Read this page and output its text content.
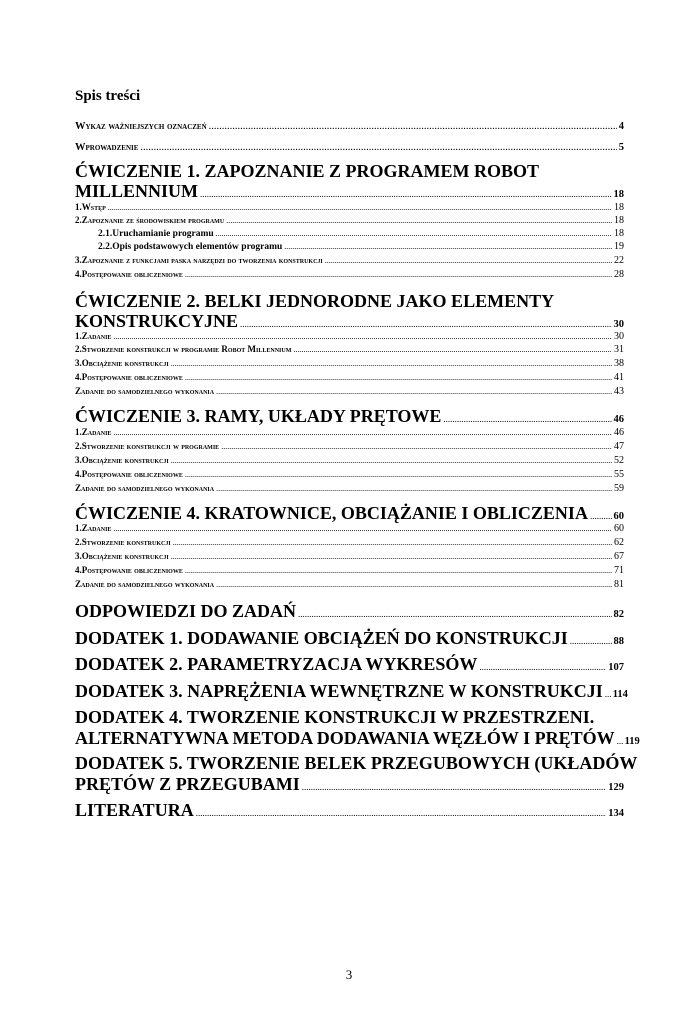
Spis treści
Wykaz ważniejszych oznaczeń .....	4
Wprowadzenie .....	5
ĆWICZENIE 1. ZAPOZNANIE Z PROGRAMEM ROBOT
MILLENNIUM .....	18
1. Wstęp .....	18
2. Zapoznanie ze środowiskiem programu .....	18
2.1. Uruchamianie programu .....	18
2.2. Opis podstawowych elementów programu .....	19
3. Zapoznanie z funkcjami paska narzędzi do tworzenia konstrukcji .....	22
4. Postępowanie obliczeniowe .....	28
ĆWICZENIE 2. BELKI JEDNORODNE JAKO ELEMENTY
KONSTRUKCYJNE .....	30
1. Zadanie .....	30
2. Stworzenie konstrukcji w programie Robot Millennium .....	31
3. Obciążenie konstrukcji .....	38
4. Postępowanie obliczeniowe .....	41
Zadanie do samodzielnego wykonania .....	43
ĆWICZENIE 3. RAMY, UKŁADY PRĘTOWE .....	46
1. Zadanie .....	46
2. Stworzenie konstrukcji w programie .....	47
3. Obciążenie konstrukcji .....	52
4. Postępowanie obliczeniowe .....	55
Zadanie do samodzielnego wykonania .....	59
ĆWICZENIE 4. KRATOWNICE, OBCIĄŻANIE I OBLICZENIA ..... 60
1. Zadanie .....	60
2. Stworzenie konstrukcji .....	62
3. Obciążenie konstrukcji .....	67
4. Postępowanie obliczeniowe .....	71
Zadanie do samodzielnego wykonania .....	81
ODPOWIEDZI DO ZADAŃ .....	82
DODATEK 1. DODAWANIE OBCIĄŻEŃ DO KONSTRUKCJI .....	88
DODATEK 2. PARAMETRYZACJA WYKRESÓW .....	107
DODATEK 3. NAPRĘŻENIA WEWNĘTRZNE W KONSTRUKCJI ..... 114
DODATEK 4. TWORZENIE KONSTRUKCJI W PRZESTRZENI.
ALTERNATYWNA METODA DODAWANIA WĘZŁÓW I PRĘTÓW ..... 119
DODATEK 5. TWORZENIE BELEK PRZEGUBOWYCH (UKŁADÓW
PRĘTÓW Z PRZEGUBAMI .....	129
LITERATURA .....	134
3
